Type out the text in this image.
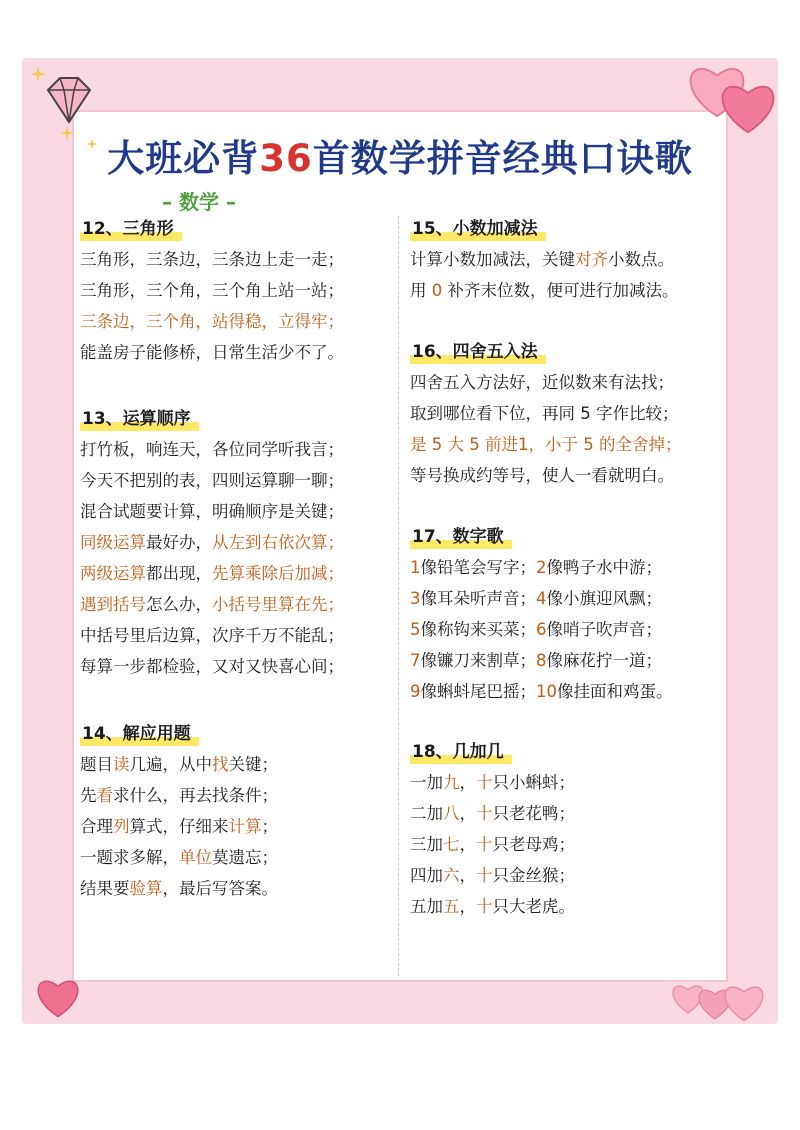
大班必背36首数学拼音经典口诀歌
– 数学 –
12、三角形
三角形，三条边，三条边上走一走；
三角形，三个角，三个角上站一站；
三条边，三个角，站得稳，立得牢；
能盖房子能修桥，日常生活少不了。
13、运算顺序
打竹板，响连天，各位同学听我言；
今天不把别的表，四则运算聊一聊；
混合试题要计算，明确顺序是关键；
同级运算最好办，从左到右依次算；
两级运算都出现，先算乘除后加减；
遇到括号怎么办，小括号里算在先；
中括号里后边算，次序千万不能乱；
每算一步都检验，又对又快喜心间；
14、解应用题
题目读几遍，从中找关键；
先看求什么，再去找条件；
合理列算式，仔细来计算；
一题求多解，单位莫遗忘；
结果要验算，最后写答案。
15、小数加减法
计算小数加减法，关键对齐小数点。
用 0 补齐末位数，便可进行加减法。
16、四舍五入法
四舍五入方法好，近似数来有法找；
取到哪位看下位，再同 5 字作比较；
是 5 大 5 前进1，小于 5 的全舍掉；
等号换成约等号，使人一看就明白。
17、数字歌
1像铅笔会写字；2像鸭子水中游；
3像耳朵听声音；4像小旗迎风飘；
5像称钩来买菜；6像哨子吹声音；
7像镰刀来割草；8像麻花拧一道；
9像蝌蚪尾巴摇；10像挂面和鸡蛋。
18、几加几
一加九，十只小蝌蚪；
二加八，十只老花鸭；
三加七，十只老母鸡；
四加六，十只金丝猴；
五加五，十只大老虎。
